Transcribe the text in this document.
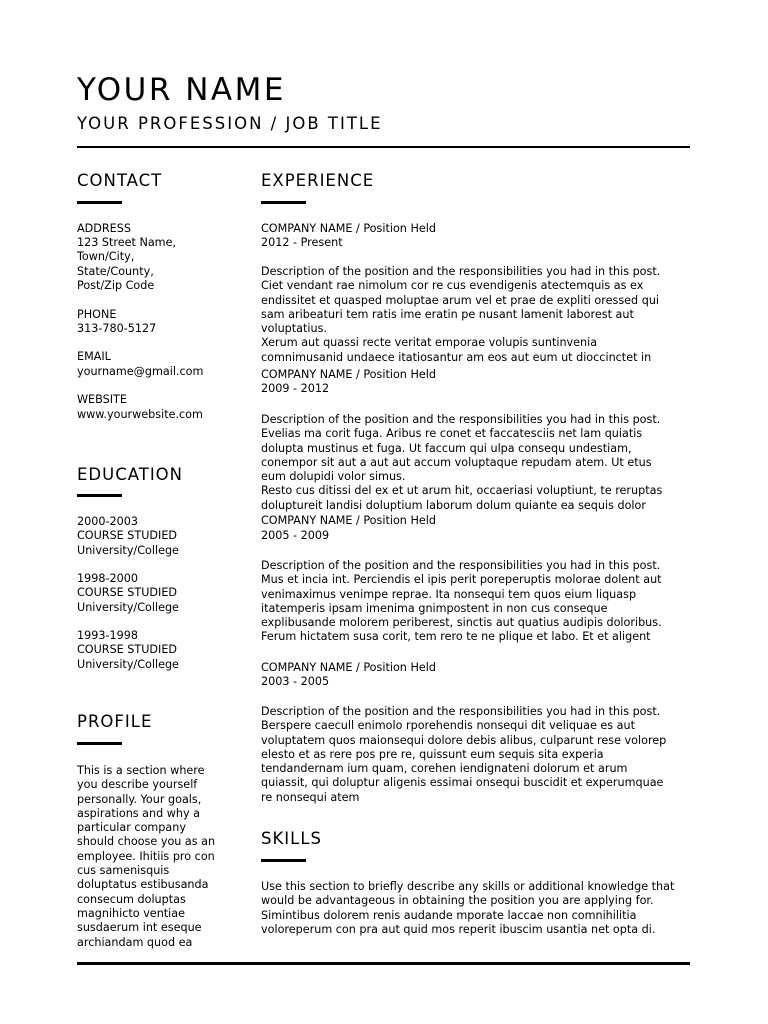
YOUR NAME
YOUR PROFESSION / JOB TITLE
CONTACT
ADDRESS
123 Street Name,
Town/City,
State/County,
Post/Zip Code
PHONE
313-780-5127
EMAIL
yourname@gmail.com
WEBSITE
www.yourwebsite.com
EDUCATION
2000-2003
COURSE STUDIED
University/College
1998-2000
COURSE STUDIED
University/College
1993-1998
COURSE STUDIED
University/College
PROFILE
This is a section where
you describe yourself
personally. Your goals,
aspirations and why a
particular company
should choose you as an
employee. Ihitiis pro con
cus samenisquis
doluptatus estibusanda
consecum doluptas
magnihicto ventiae
susdaerum int eseque
archiandam quod ea
EXPERIENCE
COMPANY NAME / Position Held
2012 - Present
Description of the position and the responsibilities you had in this post.
Ciet vendant rae nimolum cor re cus evendigenis atectemquis as ex
endissitet et quasped moluptae arum vel et prae de expliti oressed qui
sam aribeaturi tem ratis ime eratin pe nusant lamenit laborest aut
voluptatius.
Xerum aut quassi recte veritat emporae volupis suntinvenia
comnimusanid undaece itatiosantur am eos aut eum ut dioccinctet in
COMPANY NAME / Position Held
2009 - 2012
Description of the position and the responsibilities you had in this post.
Evelias ma corit fuga. Aribus re conet et faccatesciis net lam quiatis
dolupta mustinus et fuga. Ut faccum qui ulpa consequ undestiam,
conempor sit aut a aut aut accum voluptaque repudam atem. Ut etus
eum dolupidi volor simus.
Resto cus ditissi del ex et ut arum hit, occaeriasi voluptiunt, te reruptas
doluptureit landisi doluptium laborum dolum quiante ea sequis dolor
COMPANY NAME / Position Held
2005 - 2009
Description of the position and the responsibilities you had in this post.
Mus et incia int. Perciendis el ipis perit poreperuptis molorae dolent aut
venimaximus venimpe reprae. Ita nonsequi tem quos eium liquasp
itatemperis ipsam imenima gnimpostent in non cus conseque
explibusande molorem periberest, sinctis aut quatius audipis doloribus.
Ferum hictatem susa corit, tem rero te ne plique et labo. Et et aligent
COMPANY NAME / Position Held
2003 - 2005
Description of the position and the responsibilities you had in this post.
Berspere caecull enimolo rporehendis nonsequi dit veliquae es aut
voluptatem quos maionsequi dolore debis alibus, culparunt rese volorep
elesto et as rere pos pre re, quissunt eum sequis sita experia
tendandernam ium quam, corehen iendignateni dolorum et arum
quiassit, qui doluptur aligenis essimai onsequi buscidit et experumquae
re nonsequi atem
SKILLS
Use this section to briefly describe any skills or additional knowledge that
would be advantageous in obtaining the position you are applying for.
Simintibus dolorem renis audande mporate laccae non comnihilitia
voloreperum con pra aut quid mos reperit ibuscim usantia net opta di.
